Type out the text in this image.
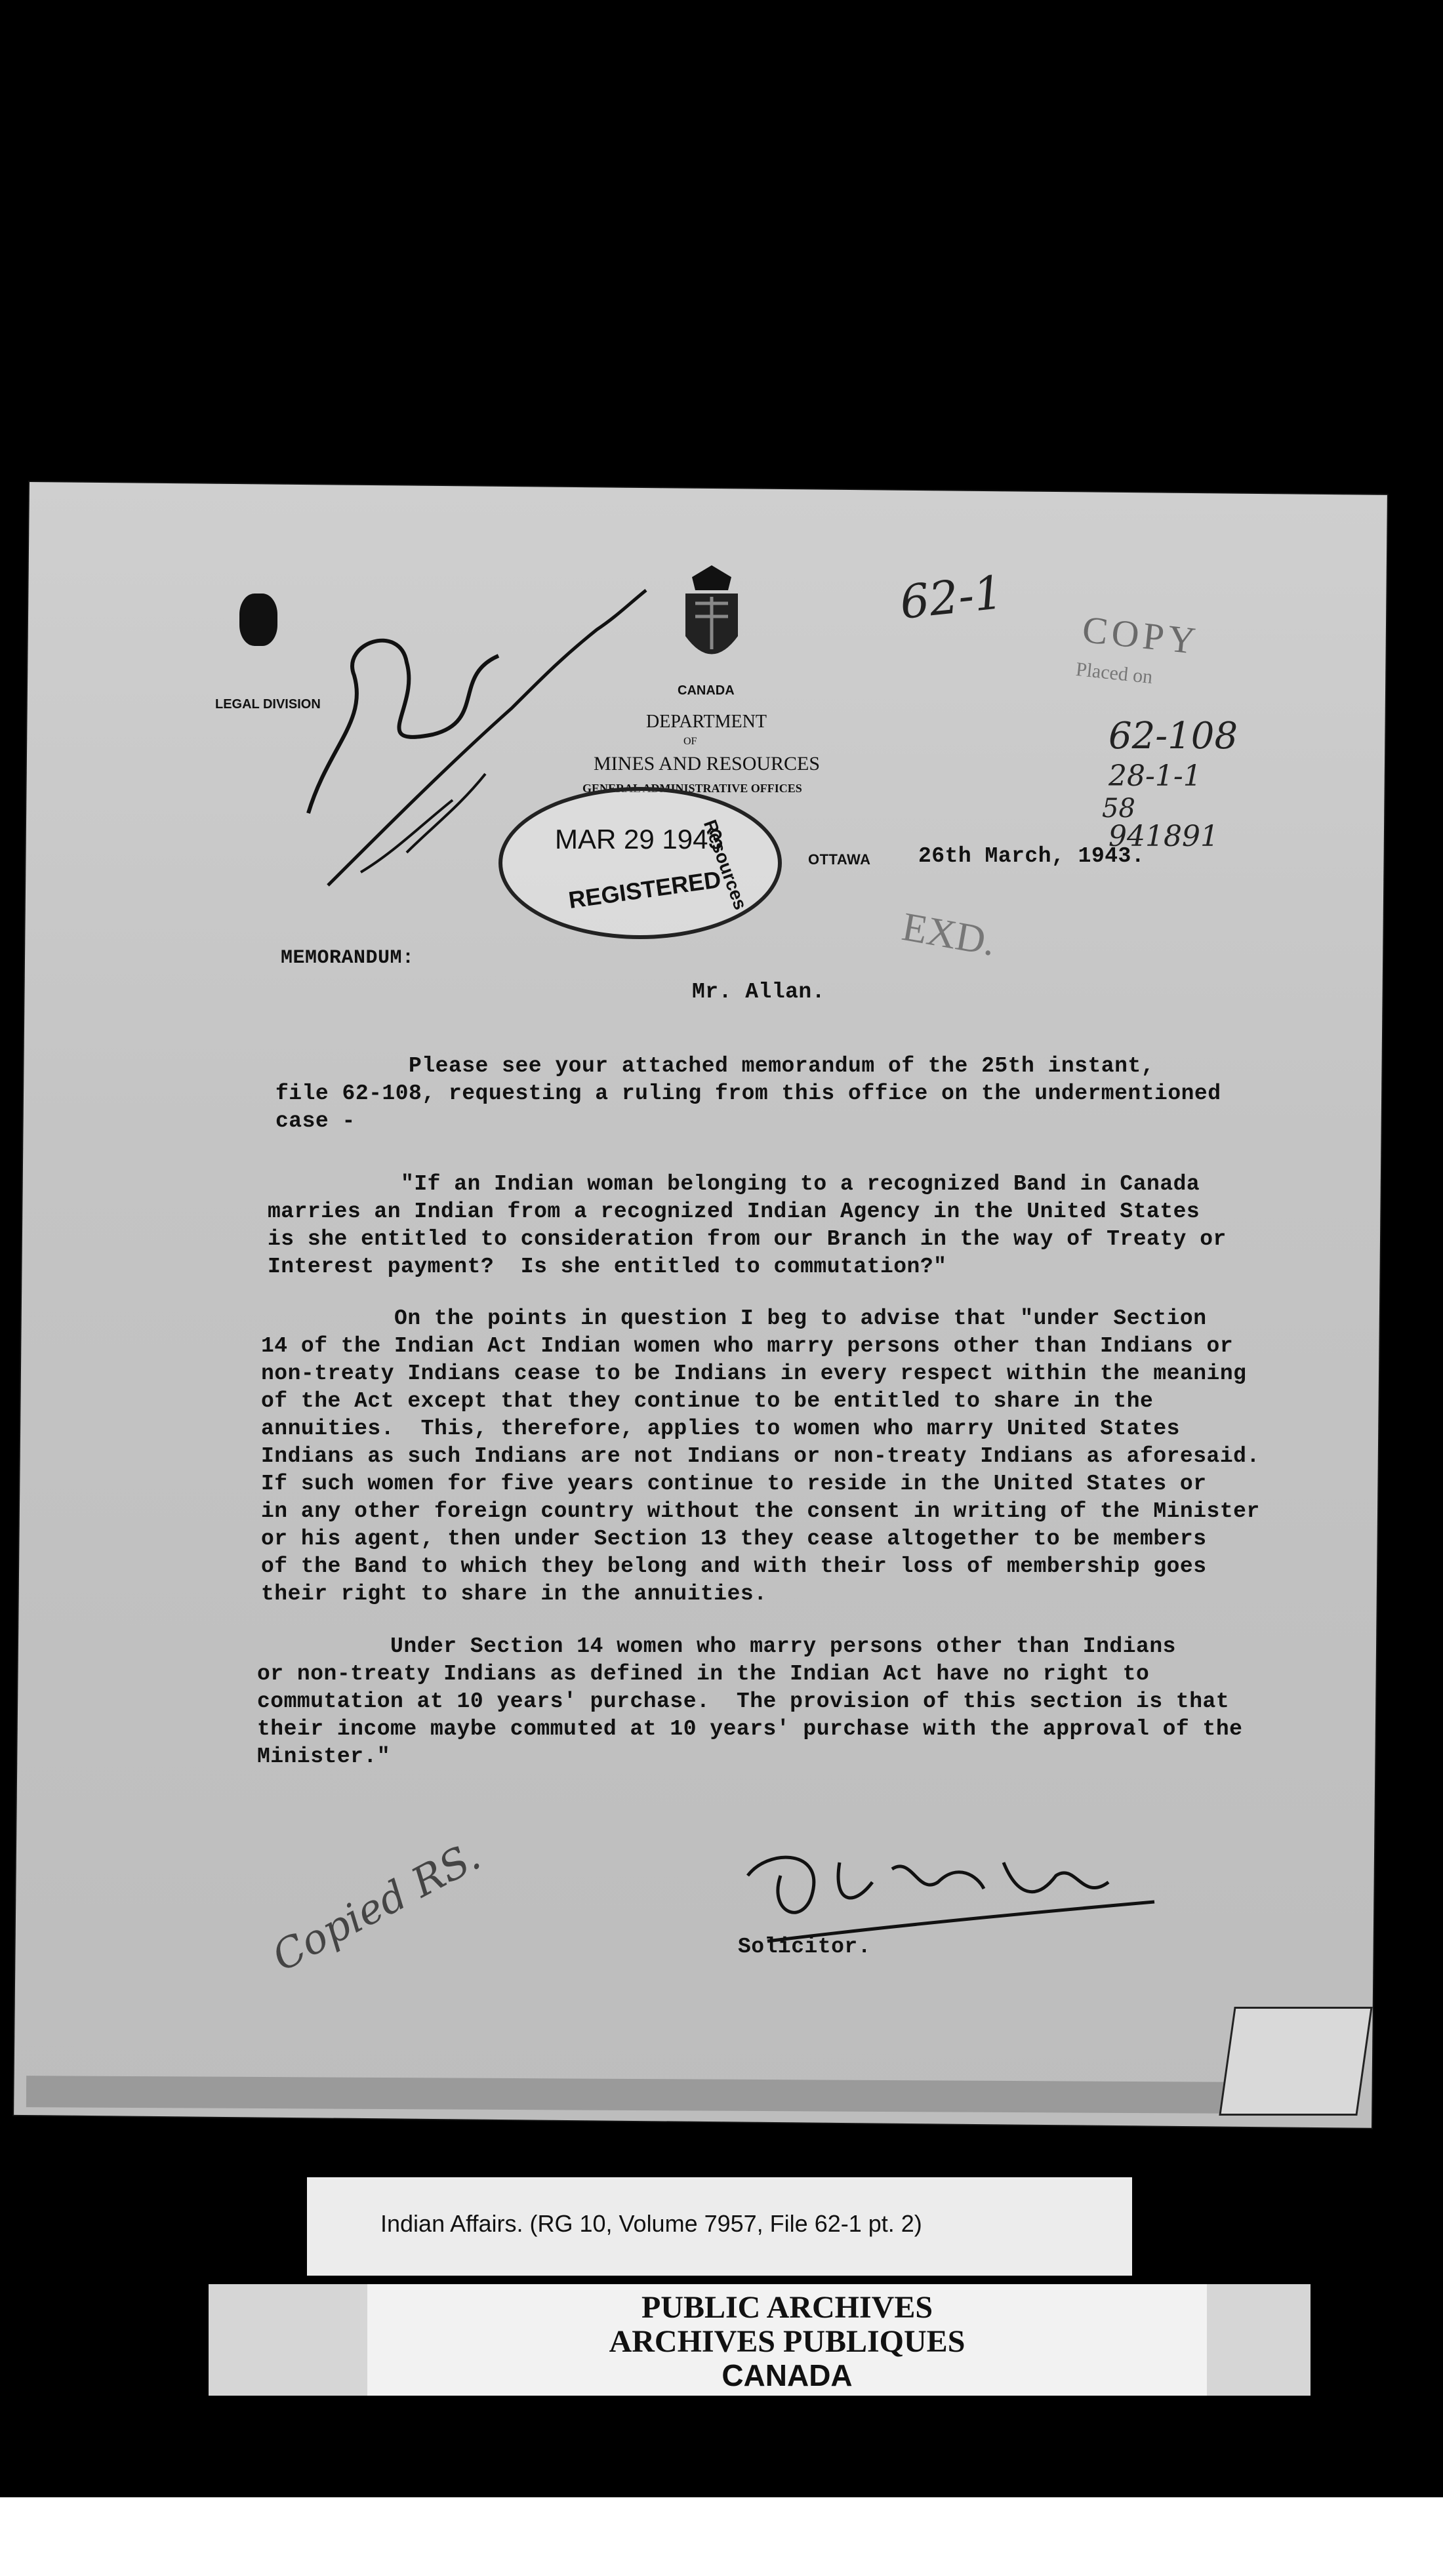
LEGAL DIVISION
CANADA
DEPARTMENT
OF
MINES AND RESOURCES
GENERAL ADMINISTRATIVE OFFICES
MAR 29 1943
Resources
REGISTERED
OTTAWA 26th March, 1943.
62-1
COPY
Placed on
62-108
28-1-1
58
941891
EXD.
MEMORANDUM:
Mr. Allan.
Please see your attached memorandum of the 25th instant,
file 62-108, requesting a ruling from this office on the undermentioned
case -
"If an Indian woman belonging to a recognized Band in Canada
marries an Indian from a recognized Indian Agency in the United States
is she entitled to consideration from our Branch in the way of Treaty or
Interest payment?  Is she entitled to commutation?"
On the points in question I beg to advise that "under Section
14 of the Indian Act Indian women who marry persons other than Indians or
non-treaty Indians cease to be Indians in every respect within the meaning
of the Act except that they continue to be entitled to share in the
annuities.  This, therefore, applies to women who marry United States
Indians as such Indians are not Indians or non-treaty Indians as aforesaid.
If such women for five years continue to reside in the United States or
in any other foreign country without the consent in writing of the Minister
or his agent, then under Section 13 they cease altogether to be members
of the Band to which they belong and with their loss of membership goes
their right to share in the annuities.
Under Section 14 women who marry persons other than Indians
or non-treaty Indians as defined in the Indian Act have no right to
commutation at 10 years' purchase.  The provision of this section is that
their income maybe commuted at 10 years' purchase with the approval of the
Minister."
Solicitor.
Copied RS.
Indian Affairs. (RG 10, Volume 7957, File 62-1 pt. 2)
PUBLIC ARCHIVES
ARCHIVES PUBLIQUES
CANADA
